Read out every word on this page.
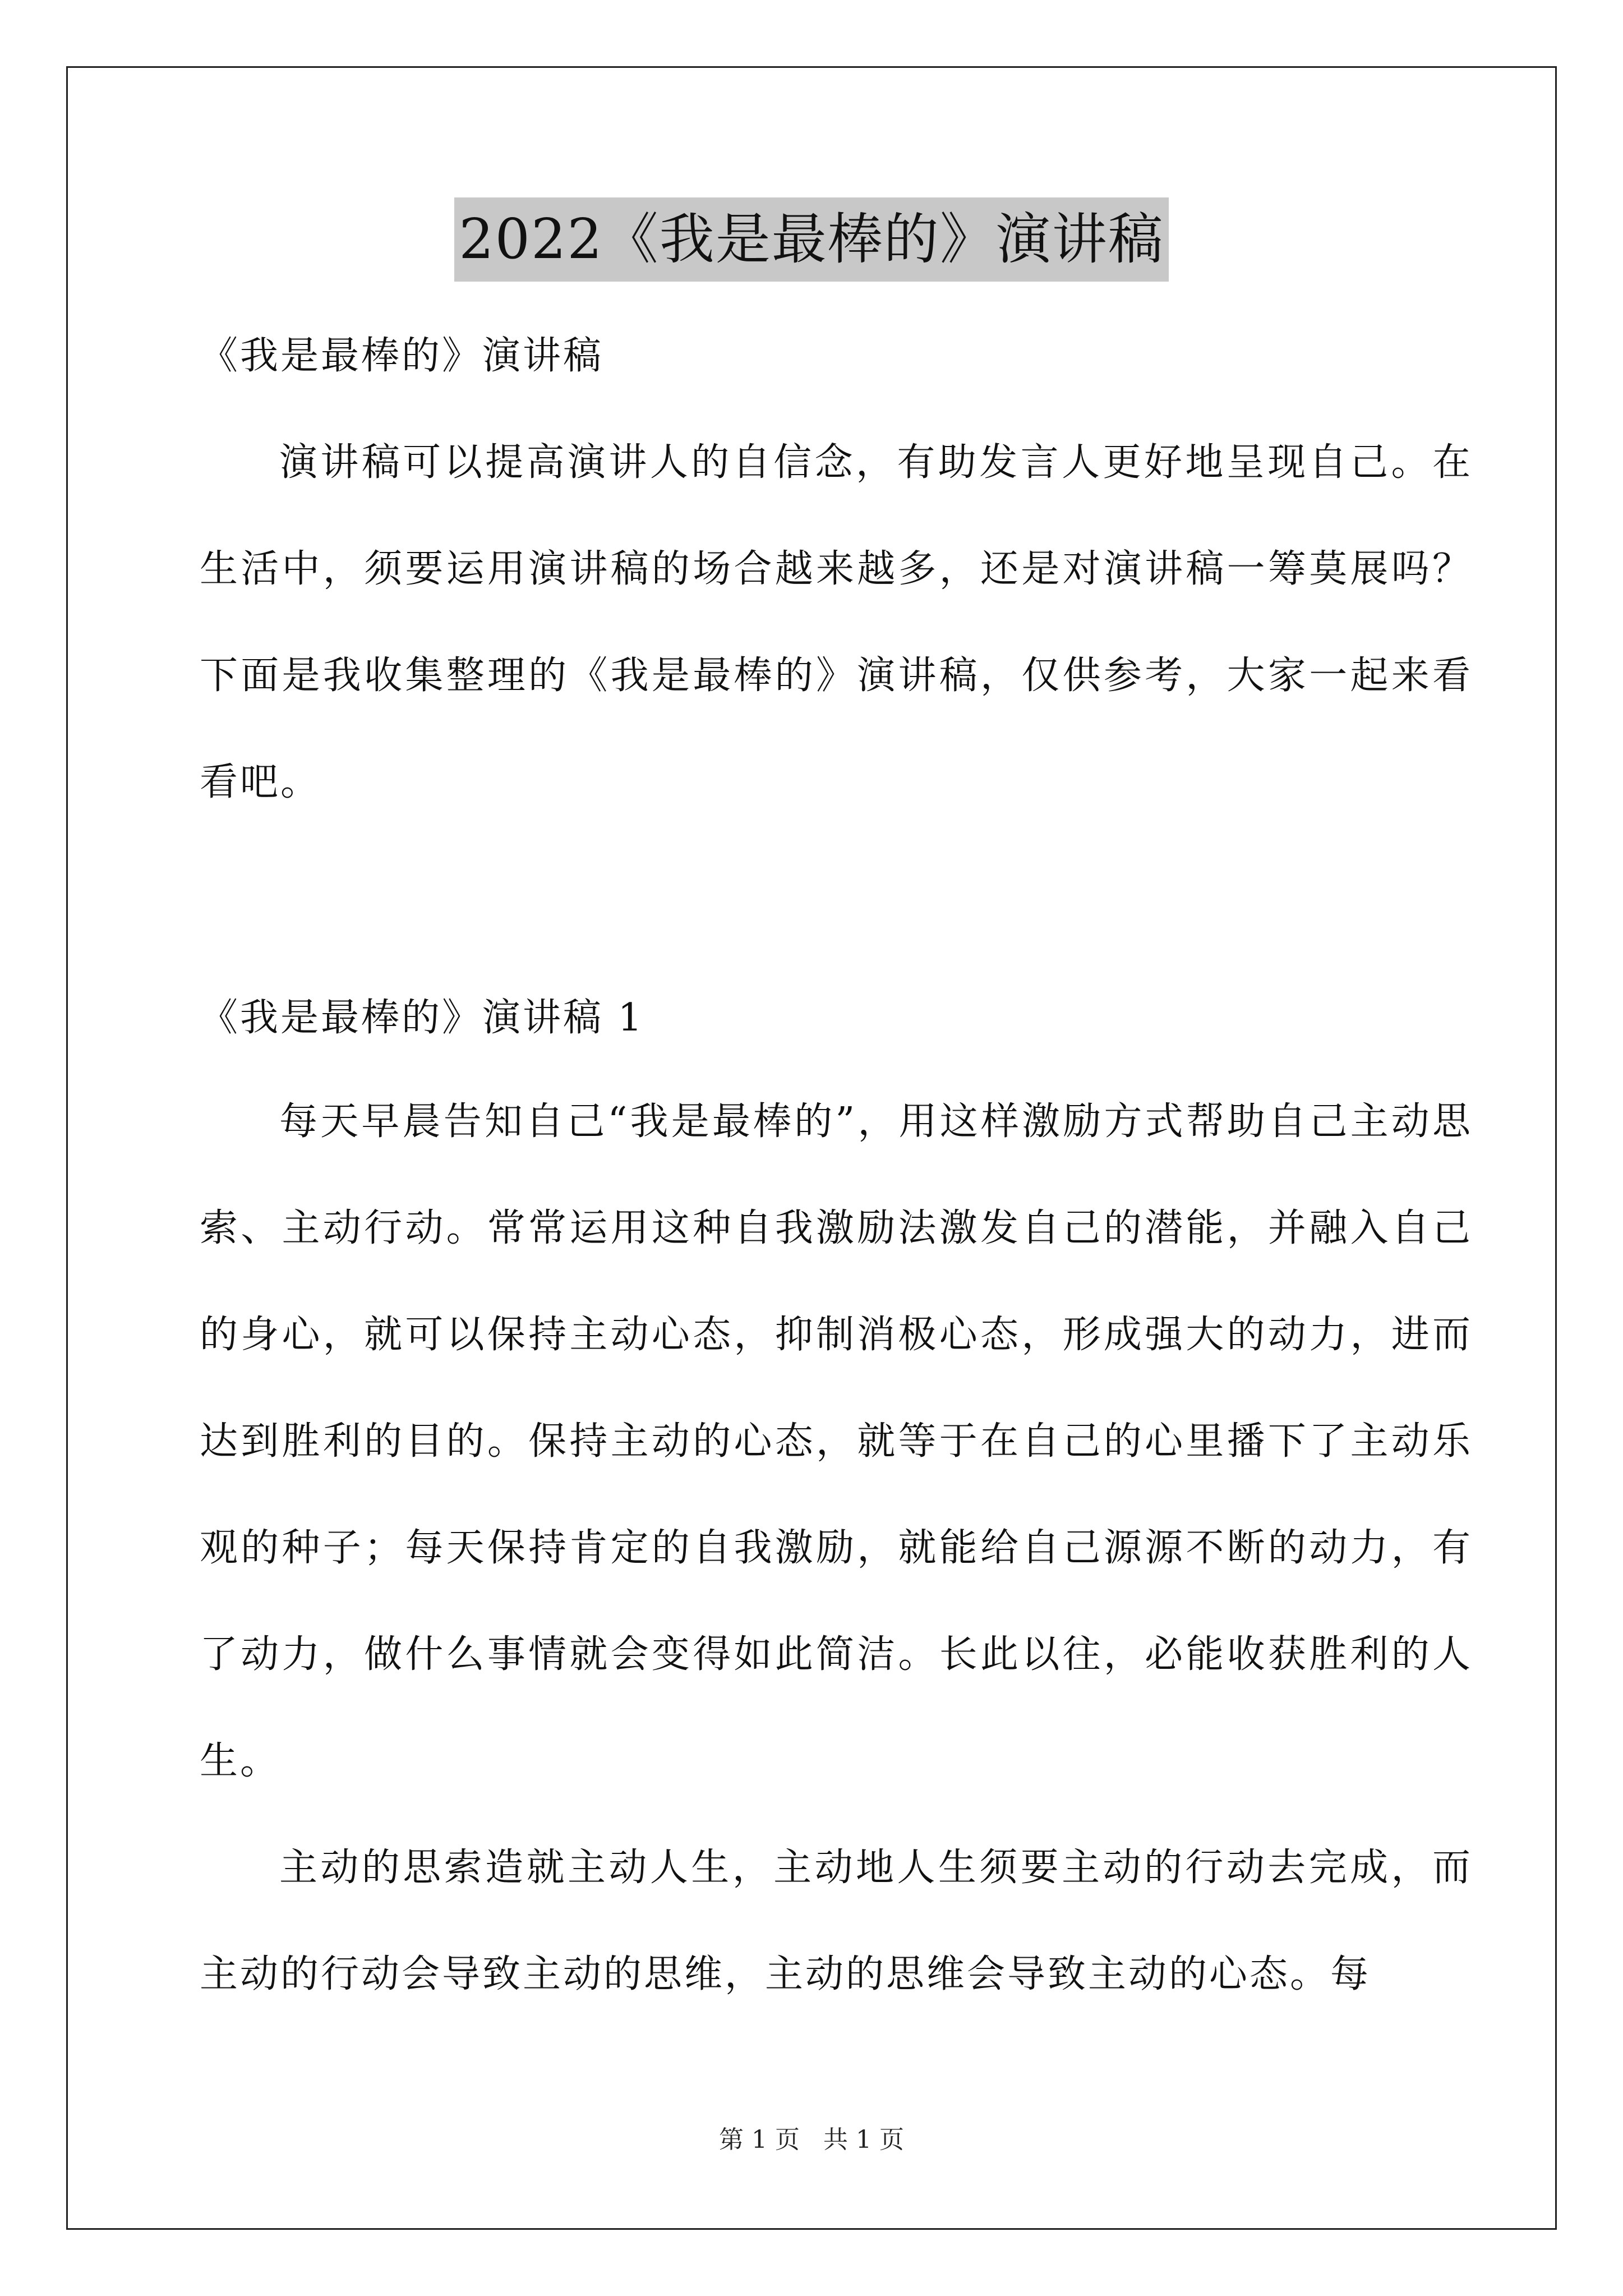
2022《我是最棒的》演讲稿

《我是最棒的》演讲稿

演讲稿可以提高演讲人的自信念，有助发言人更好地呈现自己。在生活中，须要运用演讲稿的场合越来越多，还是对演讲稿一筹莫展吗？下面是我收集整理的《我是最棒的》演讲稿，仅供参考，大家一起来看看吧。

《我是最棒的》演讲稿 1

每天早晨告知自己“我是最棒的”，用这样激励方式帮助自己主动思索、主动行动。常常运用这种自我激励法激发自己的潜能，并融入自己的身心，就可以保持主动心态，抑制消极心态，形成强大的动力，进而达到胜利的目的。保持主动的心态，就等于在自己的心里播下了主动乐观的种子；每天保持肯定的自我激励，就能给自己源源不断的动力，有了动力，做什么事情就会变得如此简洁。长此以往，必能收获胜利的人生。

主动的思索造就主动人生，主动地人生须要主动的行动去完成，而主动的行动会导致主动的思维，主动的思维会导致主动的心态。每

第 1 页 共 1 页
